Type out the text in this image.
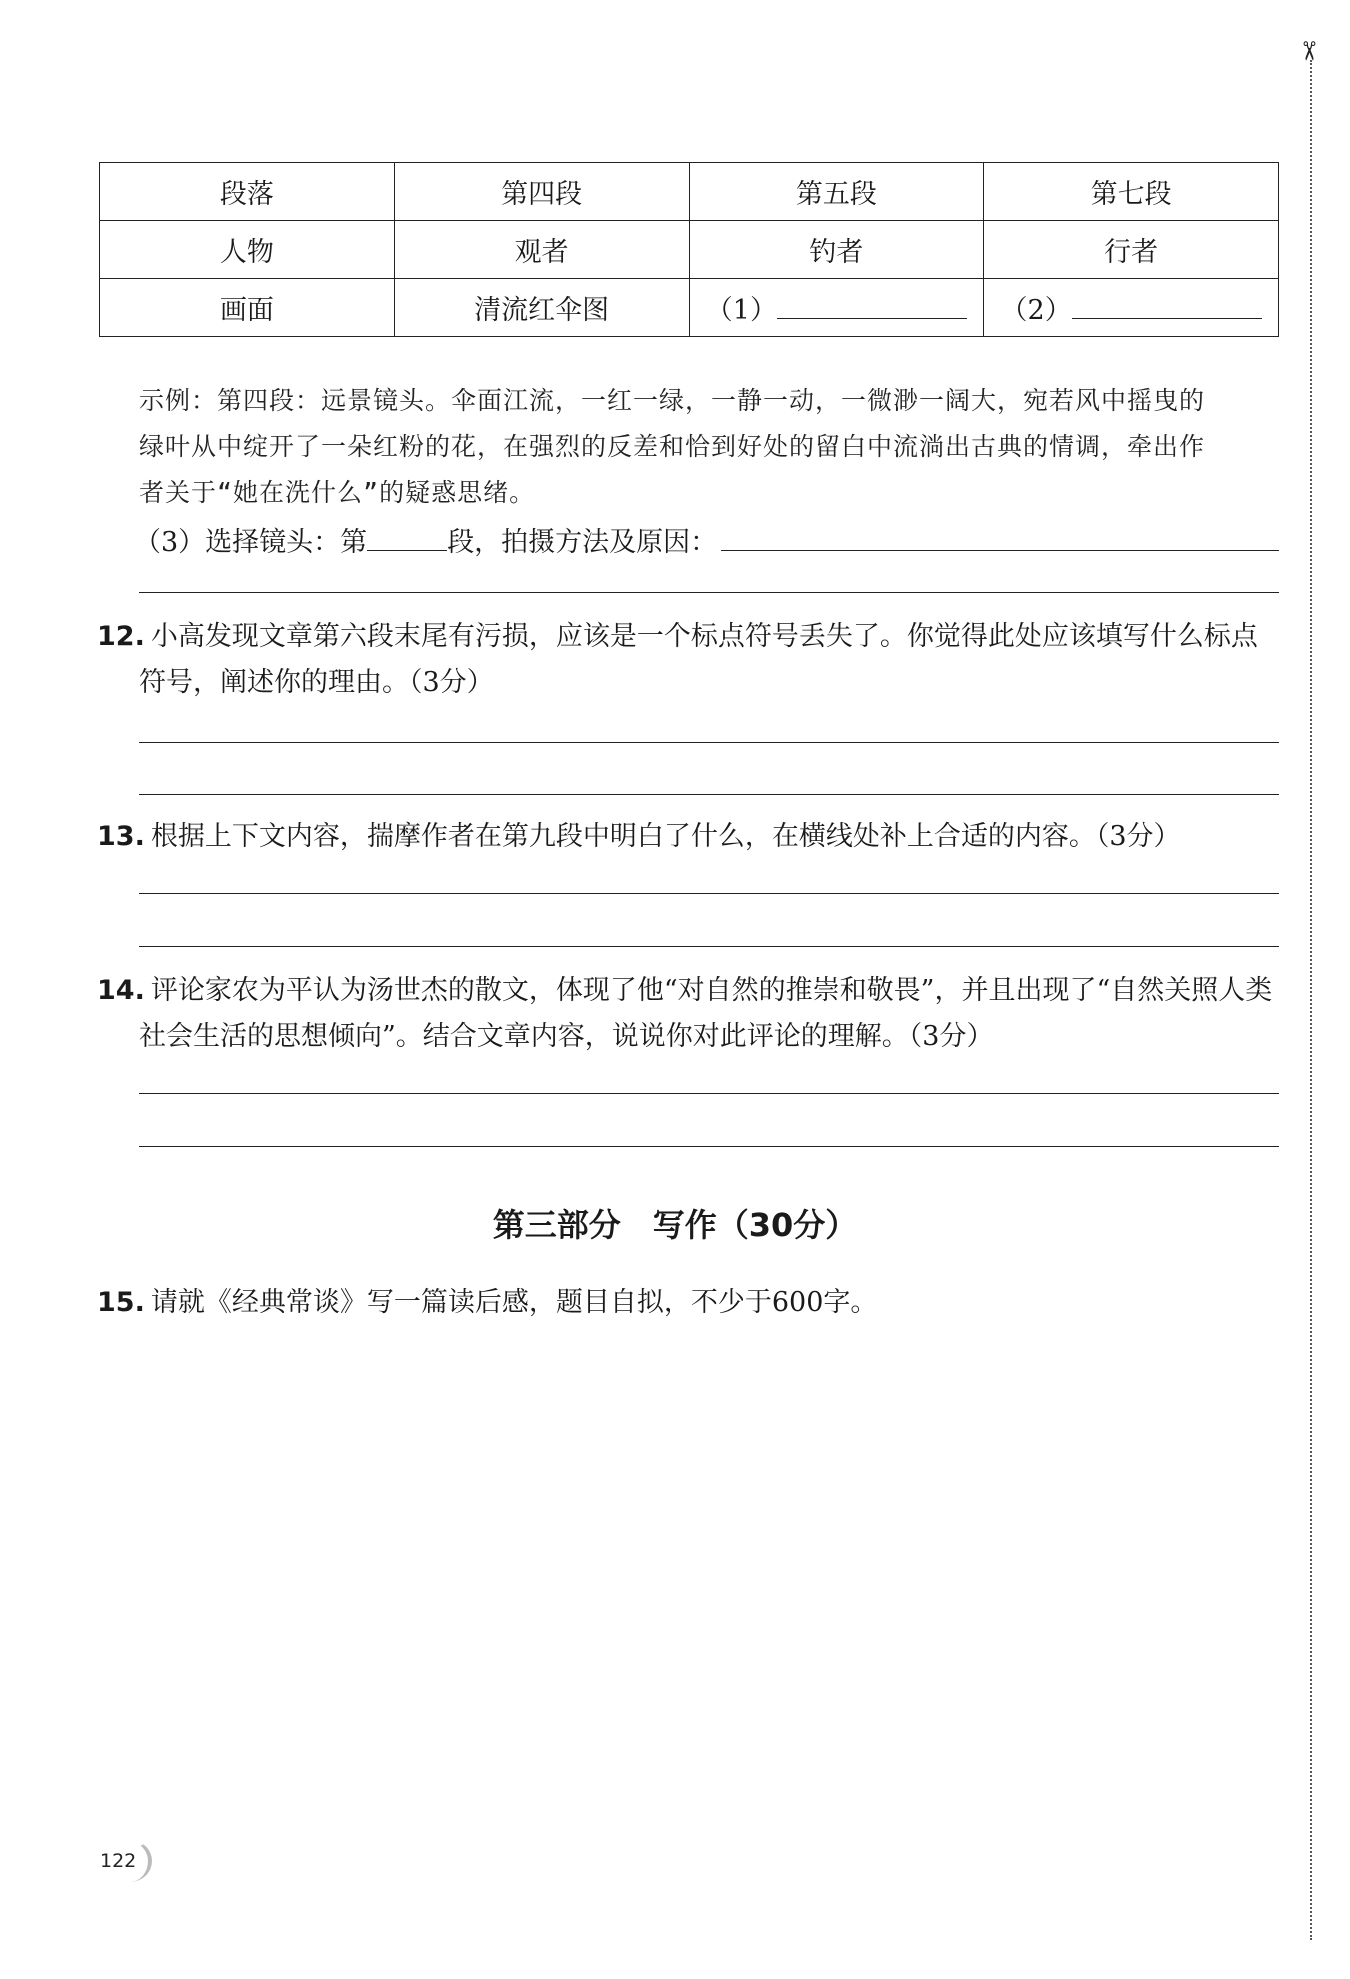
✂
段落	第四段	第五段	第七段
人物	观者	钓者	行者
画面	清流红伞图	（1）	（2）
示例：第四段：远景镜头。伞面江流，一红一绿，一静一动，一微渺一阔大，宛若风中摇曳的
绿叶从中绽开了一朵红粉的花，在强烈的反差和恰到好处的留白中流淌出古典的情调，牵出作
者关于“她在洗什么”的疑惑思绪。
（3）选择镜头：第	段，拍摄方法及原因：
12. 小高发现文章第六段末尾有污损，应该是一个标点符号丢失了。你觉得此处应该填写什么标点符号，阐述你的理由。（3分）
13. 根据上下文内容，揣摩作者在第九段中明白了什么，在横线处补上合适的内容。（3分）
14. 评论家农为平认为汤世杰的散文，体现了他“对自然的推崇和敬畏”，并且出现了“自然关照人类社会生活的思想倾向”。结合文章内容，说说你对此评论的理解。（3分）
第三部分　写作（30分）
15. 请就《经典常谈》写一篇读后感，题目自拟，不少于600字。
122
